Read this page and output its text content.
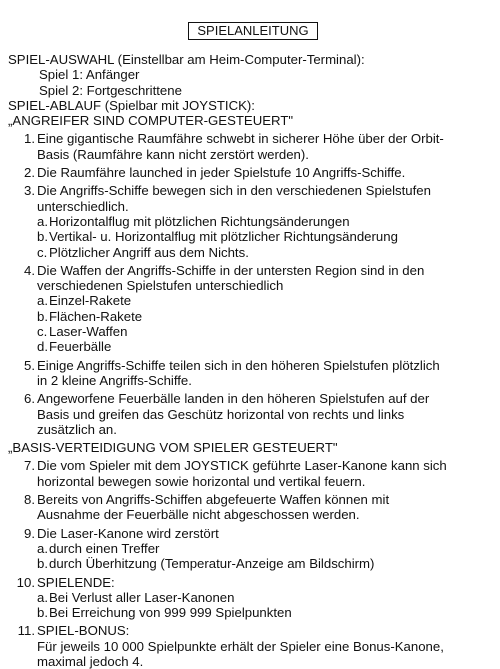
SPIELANLEITUNG
SPIEL-AUSWAHL (Einstellbar am Heim-Computer-Terminal):
Spiel 1: Anfänger
Spiel 2: Fortgeschrittene
SPIEL-ABLAUF (Spielbar mit JOYSTICK):
„ANGREIFER SIND COMPUTER-GESTEUERT"
1. Eine gigantische Raumfähre schwebt in sicherer Höhe über der Orbit-
Basis (Raumfähre kann nicht zerstört werden).
2. Die Raumfähre launched in jeder Spielstufe 10 Angriffs-Schiffe.
3. Die Angriffs-Schiffe bewegen sich in den verschiedenen Spielstufen
unterschiedlich.
a. Horizontalflug mit plötzlichen Richtungsänderungen
b. Vertikal- u. Horizontalflug mit plötzlicher Richtungsänderung
c. Plötzlicher Angriff aus dem Nichts.
4. Die Waffen der Angriffs-Schiffe in der untersten Region sind in den
verschiedenen Spielstufen unterschiedlich
a. Einzel-Rakete
b. Flächen-Rakete
c. Laser-Waffen
d. Feuerbälle
5. Einige Angriffs-Schiffe teilen sich in den höheren Spielstufen plötzlich
in 2 kleine Angriffs-Schiffe.
6. Angeworfene Feuerbälle landen in den höheren Spielstufen auf der
Basis und greifen das Geschütz horizontal von rechts und links
zusätzlich an.
„BASIS-VERTEIDIGUNG VOM SPIELER GESTEUERT"
7. Die vom Spieler mit dem JOYSTICK geführte Laser-Kanone kann sich
horizontal bewegen sowie horizontal und vertikal feuern.
8. Bereits von Angriffs-Schiffen abgefeuerte Waffen können mit
Ausnahme der Feuerbälle nicht abgeschossen werden.
9. Die Laser-Kanone wird zerstört
a. durch einen Treffer
b. durch Überhitzung (Temperatur-Anzeige am Bildschirm)
10. SPIELENDE:
a. Bei Verlust aller Laser-Kanonen
b. Bei Erreichung von 999 999 Spielpunkten
11. SPIEL-BONUS:
Für jeweils 10 000 Spielpunkte erhält der Spieler eine Bonus-Kanone,
maximal jedoch 4.
